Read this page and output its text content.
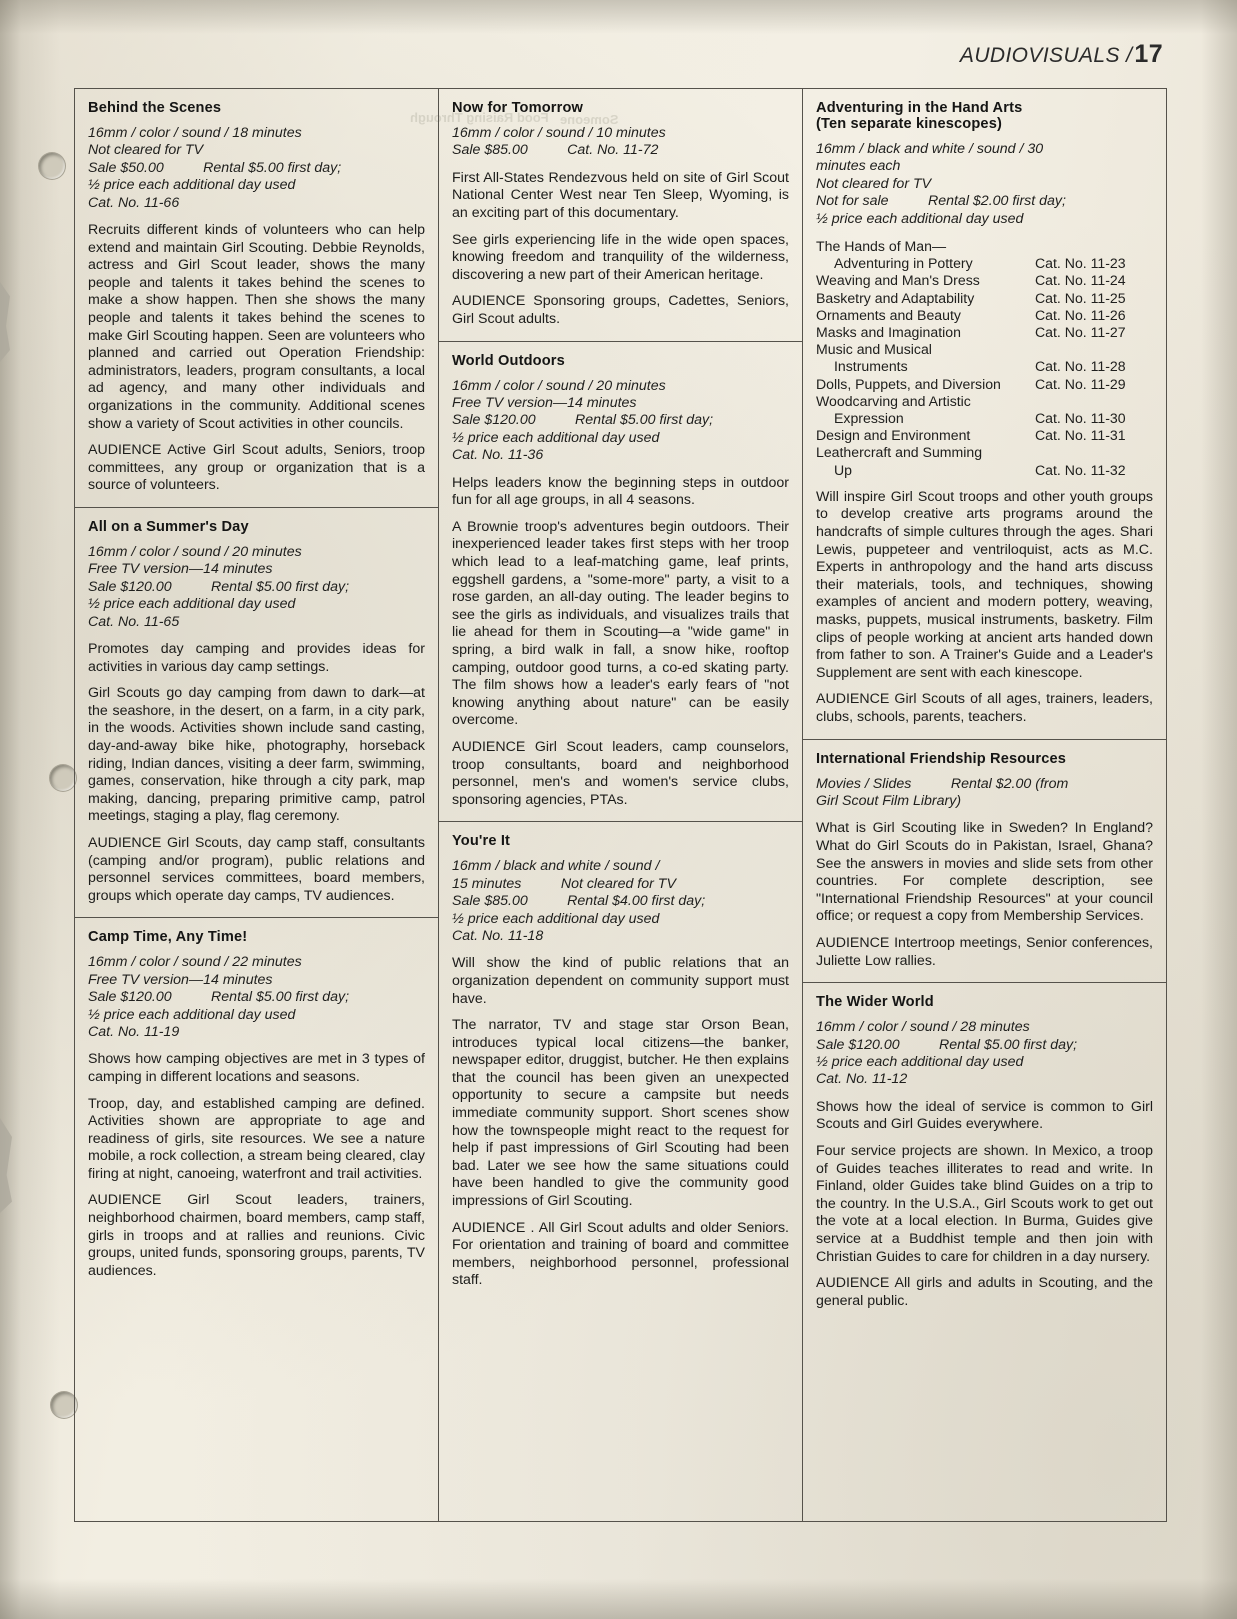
Food Raising Through Someone
AUDIOVISUALS /17
Behind the Scenes
16mm / color / sound / 18 minutes
Not cleared for TV
Sale $50.00          Rental $5.00 first day;
½ price each additional day used
Cat. No. 11-66

Recruits different kinds of volunteers who can help extend and maintain Girl Scouting. Debbie Reynolds, actress and Girl Scout leader, shows the many people and talents it takes behind the scenes to make a show happen. Then she shows the many people and talents it takes behind the scenes to make Girl Scouting happen. Seen are volunteers who planned and carried out Operation Friendship: administrators, leaders, program consultants, a local ad agency, and many other individuals and organizations in the community. Additional scenes show a variety of Scout activities in other councils.

AUDIENCE Active Girl Scout adults, Seniors, troop committees, any group or organization that is a source of volunteers.

All on a Summer's Day
16mm / color / sound / 20 minutes
Free TV version—14 minutes
Sale $120.00          Rental $5.00 first day;
½ price each additional day used
Cat. No. 11-65

Promotes day camping and provides ideas for activities in various day camp settings.

Girl Scouts go day camping from dawn to dark—at the seashore, in the desert, on a farm, in a city park, in the woods. Activities shown include sand casting, day-and-away bike hike, photography, horseback riding, Indian dances, visiting a deer farm, swimming, games, conservation, hike through a city park, map making, dancing, preparing primitive camp, patrol meetings, staging a play, flag ceremony.

AUDIENCE Girl Scouts, day camp staff, consultants (camping and/or program), public relations and personnel services committees, board members, groups which operate day camps, TV audiences.

Camp Time, Any Time!
16mm / color / sound / 22 minutes
Free TV version—14 minutes
Sale $120.00          Rental $5.00 first day;
½ price each additional day used
Cat. No. 11-19

Shows how camping objectives are met in 3 types of camping in different locations and seasons.

Troop, day, and established camping are defined. Activities shown are appropriate to age and readiness of girls, site resources. We see a nature mobile, a rock collection, a stream being cleared, clay firing at night, canoeing, waterfront and trail activities.

AUDIENCE Girl Scout leaders, trainers, neighborhood chairmen, board members, camp staff, girls in troops and at rallies and reunions. Civic groups, united funds, sponsoring groups, parents, TV audiences.

Now for Tomorrow
16mm / color / sound / 10 minutes
Sale $85.00          Cat. No. 11-72

First All-States Rendezvous held on site of Girl Scout National Center West near Ten Sleep, Wyoming, is an exciting part of this documentary.

See girls experiencing life in the wide open spaces, knowing freedom and tranquility of the wilderness, discovering a new part of their American heritage.

AUDIENCE Sponsoring groups, Cadettes, Seniors, Girl Scout adults.

World Outdoors
16mm / color / sound / 20 minutes
Free TV version—14 minutes
Sale $120.00          Rental $5.00 first day;
½ price each additional day used
Cat. No. 11-36

Helps leaders know the beginning steps in outdoor fun for all age groups, in all 4 seasons.

A Brownie troop's adventures begin outdoors. Their inexperienced leader takes first steps with her troop which lead to a leaf-matching game, leaf prints, eggshell gardens, a "some-more" party, a visit to a rose garden, an all-day outing. The leader begins to see the girls as individuals, and visualizes trails that lie ahead for them in Scouting—a "wide game" in spring, a bird walk in fall, a snow hike, rooftop camping, outdoor good turns, a co-ed skating party. The film shows how a leader's early fears of "not knowing anything about nature" can be easily overcome.

AUDIENCE Girl Scout leaders, camp counselors, troop consultants, board and neighborhood personnel, men's and women's service clubs, sponsoring agencies, PTAs.

You're It
16mm / black and white / sound /
15 minutes          Not cleared for TV
Sale $85.00          Rental $4.00 first day;
½ price each additional day used
Cat. No. 11-18

Will show the kind of public relations that an organization dependent on community support must have.

The narrator, TV and stage star Orson Bean, introduces typical local citizens—the banker, newspaper editor, druggist, butcher. He then explains that the council has been given an unexpected opportunity to secure a campsite but needs immediate community support. Short scenes show how the townspeople might react to the request for help if past impressions of Girl Scouting had been bad. Later we see how the same situations could have been handled to give the community good impressions of Girl Scouting.

AUDIENCE . All Girl Scout adults and older Seniors. For orientation and training of board and committee members, neighborhood personnel, professional staff.

Adventuring in the Hand Arts
(Ten separate kinescopes)
16mm / black and white / sound / 30
minutes each
Not cleared for TV
Not for sale          Rental $2.00 first day;
½ price each additional day used
The Hands of Man—	
Adventuring in Pottery	Cat. No. 11-23
Weaving and Man's Dress	Cat. No. 11-24
Basketry and Adaptability	Cat. No. 11-25
Ornaments and Beauty	Cat. No. 11-26
Masks and Imagination	Cat. No. 11-27
Music and Musical	
Instruments	Cat. No. 11-28
Dolls, Puppets, and Diversion	Cat. No. 11-29
Woodcarving and Artistic	
Expression	Cat. No. 11-30
Design and Environment	Cat. No. 11-31
Leathercraft and Summing	
Up	Cat. No. 11-32

Will inspire Girl Scout troops and other youth groups to develop creative arts programs around the handcrafts of simple cultures through the ages. Shari Lewis, puppeteer and ventriloquist, acts as M.C. Experts in anthropology and the hand arts discuss their materials, tools, and techniques, showing examples of ancient and modern pottery, weaving, masks, puppets, musical instruments, basketry. Film clips of people working at ancient arts handed down from father to son. A Trainer's Guide and a Leader's Supplement are sent with each kinescope.

AUDIENCE Girl Scouts of all ages, trainers, leaders, clubs, schools, parents, teachers.

International Friendship Resources
Movies / Slides          Rental $2.00 (from
Girl Scout Film Library)

What is Girl Scouting like in Sweden? In England? What do Girl Scouts do in Pakistan, Israel, Ghana? See the answers in movies and slide sets from other countries. For complete description, see "International Friendship Resources" at your council office; or request a copy from Membership Services.

AUDIENCE Intertroop meetings, Senior conferences, Juliette Low rallies.

The Wider World
16mm / color / sound / 28 minutes
Sale $120.00          Rental $5.00 first day;
½ price each additional day used
Cat. No. 11-12

Shows how the ideal of service is common to Girl Scouts and Girl Guides everywhere.

Four service projects are shown. In Mexico, a troop of Guides teaches illiterates to read and write. In Finland, older Guides take blind Guides on a trip to the country. In the U.S.A., Girl Scouts work to get out the vote at a local election. In Burma, Guides give service at a Buddhist temple and then join with Christian Guides to care for children in a day nursery.

AUDIENCE All girls and adults in Scouting, and the general public.
